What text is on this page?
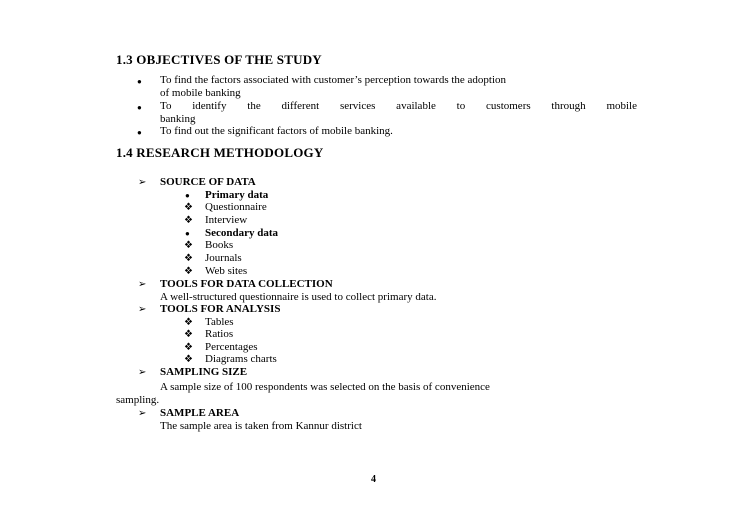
1.3 OBJECTIVES OF THE STUDY
● To find the factors associated with customer’s perception towards the adoption
of mobile banking
● To identify the different services available to customers through mobile
banking
● To find out the significant factors of mobile banking.
1.4 RESEARCH METHODOLOGY
➢ SOURCE OF DATA
● Primary data
❖ Questionnaire
❖ Interview
● Secondary data
❖ Books
❖ Journals
❖ Web sites
➢ TOOLS FOR DATA COLLECTION
A well-structured questionnaire is used to collect primary data.
➢ TOOLS FOR ANALYSIS
❖ Tables
❖ Ratios
❖ Percentages
❖ Diagrams charts
➢ SAMPLING SIZE
A sample size of 100 respondents was selected on the basis of convenience
sampling.
➢ SAMPLE AREA
The sample area is taken from Kannur district
4
